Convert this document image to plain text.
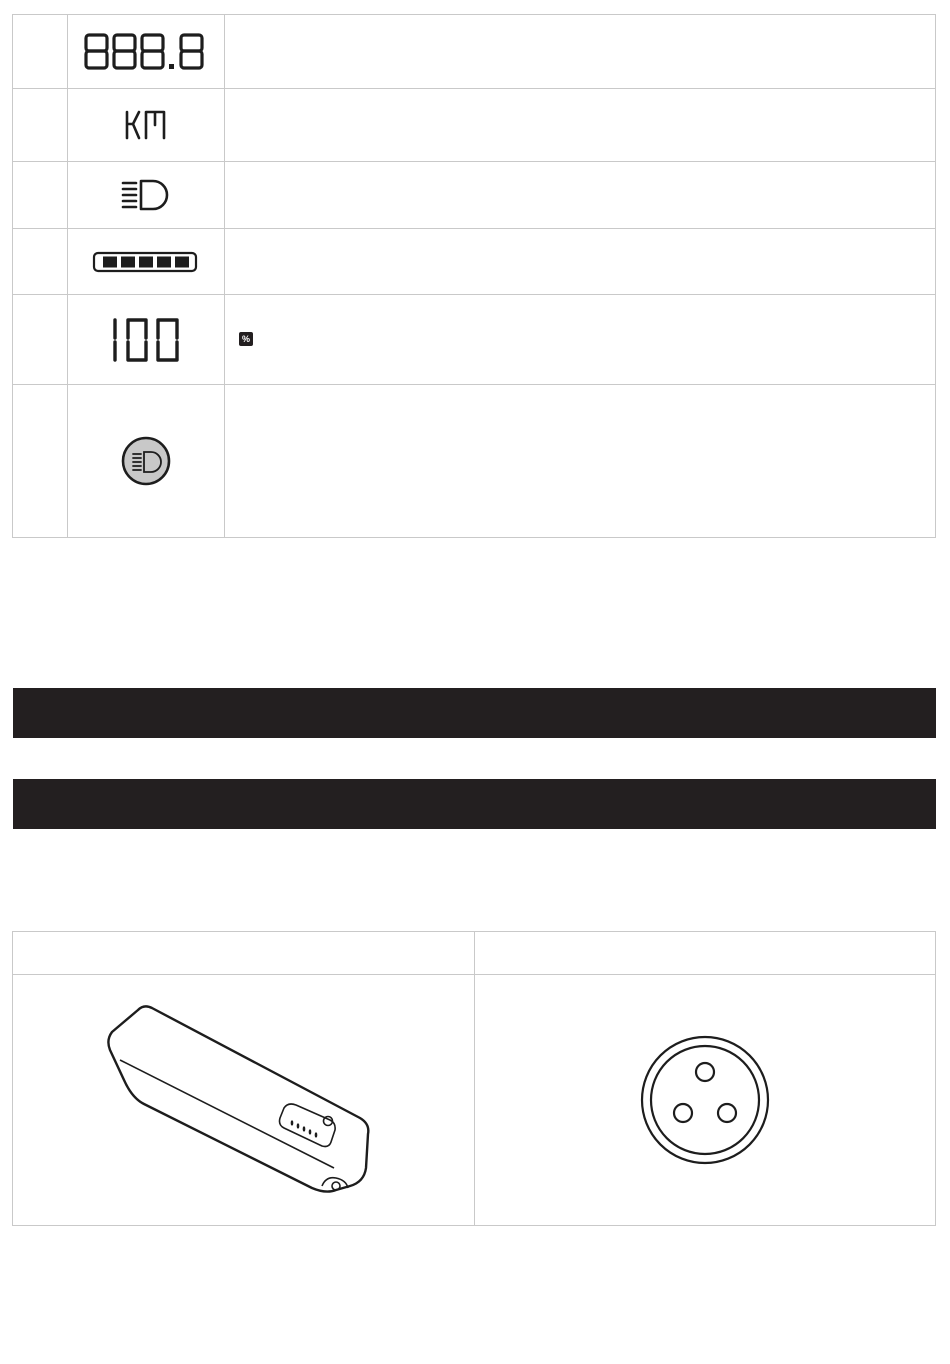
	%
